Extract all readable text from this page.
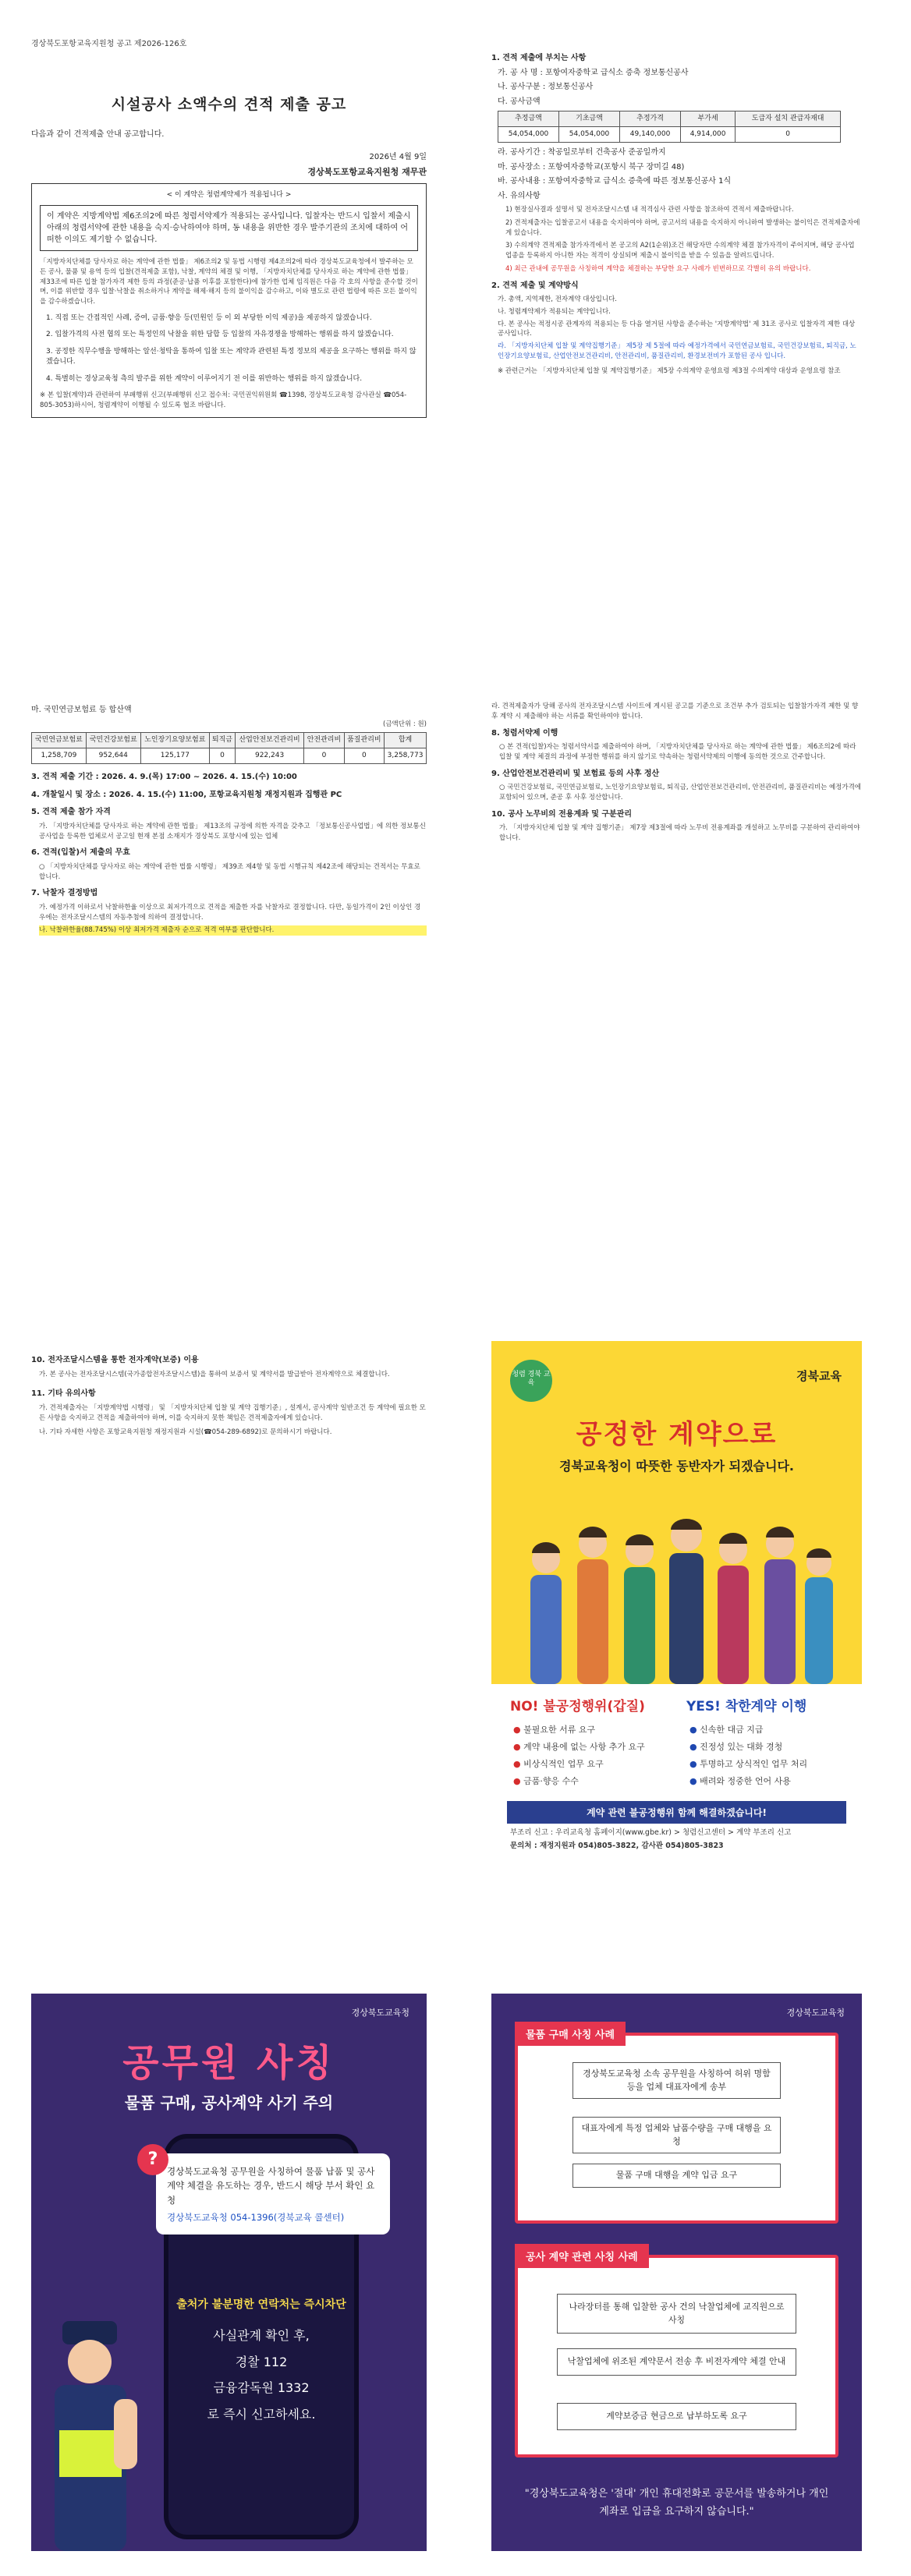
경상북도포항교육지원청 공고 제2026-126호
시설공사 소액수의 견적 제출 공고
다음과 같이 견적제출 안내 공고합니다.
2026년 4월 9일
경상북도포항교육지원청 재무관
< 이 계약은 청렴계약제가 적용됩니다 >
이 계약은 지방계약법 제6조의2에 따른 청렴서약제가 적용되는 공사입니다. 입찰자는 반드시 입찰서 제출시 아래의 청렴서약에 관한 내용을 숙지·승낙하여야 하며, 동 내용을 위반한 경우 발주기관의 조치에 대하여 어떠한 이의도 제기할 수 없습니다.
「지방자치단체를 당사자로 하는 계약에 관한 법률」 제6조의2 및 동법 시행령 제4조의2에 따라 경상북도교육청에서 발주하는 모든 공사, 물품 및 용역 등의 입찰(견적제출 포함), 낙찰, 계약의 체결 및 이행, 「지방자치단체를 당사자로 하는 계약에 관한 법률」 제33조에 따른 입찰 참가자격 제한 등의 과정(준공·납품 이후를 포함한다)에 참가한 업체 임직원은 다음 각 호의 사항을 준수할 것이며, 이를 위반할 경우 입찰·낙찰을 취소하거나 계약을 해제·해지 등의 불이익을 감수하고, 이와 별도로 관련 법령에 따른 모든 불이익을 감수하겠습니다.
1. 직접 또는 간접적인 사례, 증여, 금품·향응 등(민원인 등 이 외 부당한 이익 제공)을 제공하지 않겠습니다.
2. 입찰가격의 사전 협의 또는 특정인의 낙찰을 위한 담합 등 입찰의 자유경쟁을 방해하는 행위를 하지 않겠습니다.
3. 공정한 직무수행을 방해하는 알선·청탁을 통하여 입찰 또는 계약과 관련된 특정 정보의 제공을 요구하는 행위를 하지 않겠습니다.
4. 특별히는 경상교육청 측의 발주를 위한 계약이 이루어지기 전 이를 위반하는 행위를 하지 않겠습니다.
※ 본 입찰(계약)과 관련하여 부패행위 신고(부패행위 신고 접수처: 국민권익위원회 ☎1398, 경상북도교육청 감사관실 ☎054-805-3053)하시어, 청렴계약이 이행될 수 있도록 협조 바랍니다.
1. 견적 제출에 부치는 사항
가. 공 사 명 : 포항여자중학교 급식소 증축 정보통신공사
나. 공사구분 : 정보통신공사
다. 공사금액
추정금액	기초금액	추정가격	부가세	도급자 설치 관급자재대
54,054,000	54,054,000	49,140,000	4,914,000	0
라. 공사기간 : 착공일로부터 건축공사 준공일까지
마. 공사장소 : 포항여자중학교(포항시 북구 장미길 48)
바. 공사내용 : 포항여자중학교 급식소 증축에 따른 정보통신공사 1식
사. 유의사항
1) 현장실사결과 설명서 및 전자조달시스템 내 적격심사 관련 사항을 참조하여 견적서 제출바랍니다.
2) 견적제출자는 입찰공고서 내용을 숙지하여야 하며, 공고서의 내용을 숙지하지 아니하여 발생하는 불이익은 견적제출자에게 있습니다.
3) 수의계약 견적제출 참가자격에서 본 공고의 A2(1순위)조건 해당자만 수의계약 체결 참가자격이 주어지며, 해당 공사업 업종을 등록하지 아니한 자는 적격이 상실되며 제출시 불이익을 받을 수 있음을 알려드립니다.
4) 최근 관내에 공무원을 사칭하여 계약을 체결하는 부당한 요구 사례가 빈번하므로 각별히 유의 바랍니다.
2. 견적 제출 및 계약방식
가. 총액, 지역제한, 전자계약 대상입니다.
나. 청렴계약제가 적용되는 계약입니다.
다. 본 공사는 적정시공 관계자의 적용되는 등 다음 열거된 사항을 준수하는 '지방계약법' 제 31조 공사로 입찰자격 제한 대상 공사입니다.
라. 「지방자치단체 입찰 및 계약집행기준」 제5장 제 5절에 따라 예정가격에서 국민연금보험료, 국민건강보험료, 퇴직금, 노인장기요양보험료, 산업안전보건관리비, 안전관리비, 품질관리비, 환경보전비가 포함된 공사 입니다.
※ 관련근거는 「지방자치단체 입찰 및 계약집행기준」 제5장 수의계약 운영요령 제3절 수의계약 대상과 운영요령 참조
마. 국민연금보험료 등 합산액
(금액단위 : 원)
국민연금보험료	국민건강보험료	노인장기요양보험료	퇴직금	산업안전보건관리비	안전관리비	품질관리비	합계
1,258,709	952,644	125,177	0	922,243	0	0	3,258,773
3. 견적 제출 기간 : 2026. 4. 9.(목) 17:00 ~ 2026. 4. 15.(수) 10:00
4. 개찰일시 및 장소 : 2026. 4. 15.(수) 11:00, 포항교육지원청 재정지원과 집행관 PC
5. 견적 제출 참가 자격
가. 「지방자치단체를 당사자로 하는 계약에 관한 법률」 제13조의 규정에 의한 자격을 갖추고 「정보통신공사업법」에 의한 정보통신공사업을 등록한 업체로서 공고일 현재 본점 소재지가 경상북도 포항시에 있는 업체
6. 견적(입찰)서 제출의 무효
○ 「지방자치단체를 당사자로 하는 계약에 관한 법률 시행령」 제39조 제4항 및 동법 시행규칙 제42조에 해당되는 견적서는 무효로 합니다.
7. 낙찰자 결정방법
가. 예정가격 이하로서 낙찰하한율 이상으로 최저가격으로 견적을 제출한 자를 낙찰자로 결정합니다. 다만, 동일가격이 2인 이상인 경우에는 전자조달시스템의 자동추첨에 의하여 결정합니다.
나. 낙찰하한율(88.745%) 이상 최저가격 제출자 순으로 적격 여부를 판단합니다.
라. 견적제출자가 당해 공사의 전자조달시스템 사이트에 게시된 공고를 기준으로 조건부 추가 검토되는 입찰참가자격 제한 및 향후 계약 시 제출해야 하는 서류를 확인하여야 합니다.
8. 청렴서약제 이행
○ 본 견적(입찰)자는 청렴서약서를 제출하여야 하며, 「지방자치단체를 당사자로 하는 계약에 관한 법률」 제6조의2에 따라 입찰 및 계약 체결의 과정에 부정한 행위를 하지 않기로 약속하는 청렴서약제의 이행에 동의한 것으로 간주합니다.
9. 산업안전보건관리비 및 보험료 등의 사후 정산
○ 국민건강보험료, 국민연금보험료, 노인장기요양보험료, 퇴직금, 산업안전보건관리비, 안전관리비, 품질관리비는 예정가격에 포함되어 있으며, 준공 후 사후 정산합니다.
10. 공사 노무비의 전용계좌 및 구분관리
가. 「지방자치단체 입찰 및 계약 집행기준」 제7장 제3절에 따라 노무비 전용계좌를 개설하고 노무비를 구분하여 관리하여야 합니다.
10. 전자조달시스템을 통한 전자계약(보증) 이용
가. 본 공사는 전자조달시스템(국가종합전자조달시스템)을 통하여 보증서 및 계약서를 발급받아 전자계약으로 체결합니다.
11. 기타 유의사항
가. 견적제출자는 「지방계약법 시행령」 및 「지방자치단체 입찰 및 계약 집행기준」, 설계서, 공사계약 일반조건 등 계약에 필요한 모든 사항을 숙지하고 견적을 제출하여야 하며, 이를 숙지하지 못한 책임은 견적제출자에게 있습니다.
나. 기타 자세한 사항은 포항교육지원청 재정지원과 시설(☎054-289-6892)로 문의하시기 바랍니다.
청렴 경북 교육	경북교육
공정한 계약으로
경북교육청이 따뜻한 동반자가 되겠습니다.
NO! 불공정행위(갑질)	YES! 착한계약 이행
● 불필요한 서류 요구
● 계약 내용에 없는 사항 추가 요구
● 비상식적인 업무 요구
● 금품·향응 수수
● 신속한 대금 지급
● 진정성 있는 대화 경청
● 투명하고 상식적인 업무 처리
● 배려와 정중한 언어 사용
계약 관련 불공정행위 함께 해결하겠습니다!
부조리 신고 : 우리교육청 홈페이지(www.gbe.kr) > 청렴신고센터 > 계약 부조리 신고
문의처 : 재정지원과 054)805-3822, 감사관 054)805-3823
경상북도교육청
공무원 사칭
물품 구매, 공사계약 사기 주의
?
경상북도교육청 공무원을 사칭하여 물품 납품 및 공사 계약 체결을 유도하는 경우, 반드시 해당 부서 확인 요청
경상북도교육청 054-1396(경북교육 콜센터)
출처가 불분명한 연락처는 즉시차단
사실관계 확인 후,
경찰 112
금융감독원 1332
로 즉시 신고하세요.
경상북도교육청
물품 구매 사칭 사례
경상북도교육청 소속 공무원을 사칭하여 허위 명함 등을 업체 대표자에게 송부
대표자에게 특정 업체와 납품수량을 구매 대행을 요청
물품 구매 대행을 계약 입금 요구
공사 계약 관련 사칭 사례
나라장터를 통해 입찰한 공사 건의 낙찰업체에 교직원으로 사칭
낙찰업체에 위조된 계약문서 전송 후 비전자계약 체결 안내
계약보증금 현금으로 납부하도록 요구
"경상북도교육청은 '절대' 개인 휴대전화로 공문서를 발송하거나 개인 계좌로 입금을 요구하지 않습니다."
